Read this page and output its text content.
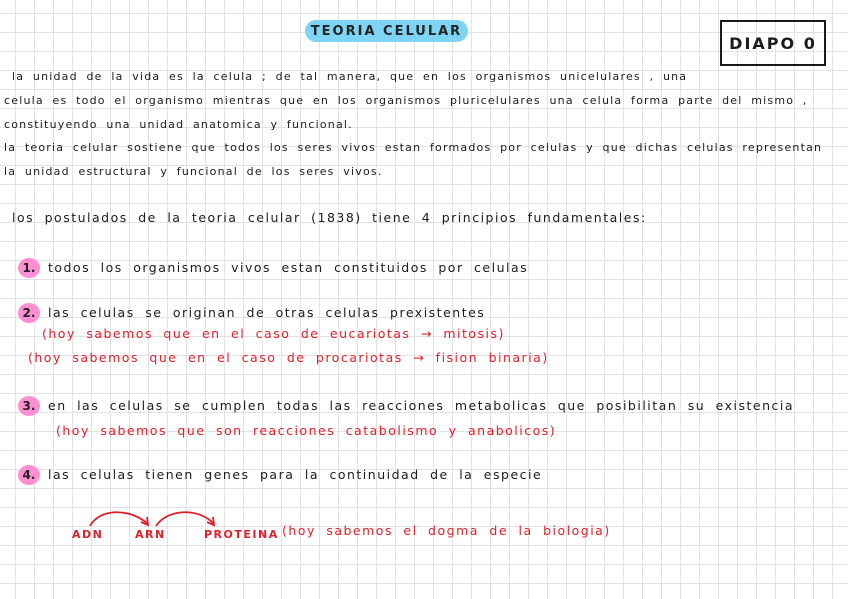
TEORIA CELULAR
DIAPO 0
la unidad de la vida es la celula ; de tal manera, que en los organismos unicelulares , una
celula es todo el organismo mientras que en los organismos pluricelulares una celula forma parte del mismo ,
constituyendo una unidad anatomica y funcional.
la teoria celular sostiene que todos los seres vivos estan formados por celulas y que dichas celulas representan
la unidad estructural y funcional de los seres vivos.
los postulados de la teoria celular (1838) tiene 4 principios fundamentales:
1.	todos los organismos vivos estan constituidos por celulas
2.	las celulas se originan de otras celulas prexistentes
(hoy sabemos que en el caso de eucariotas → mitosis)
(hoy sabemos que en el caso de procariotas → fision binaria)
3.	en las celulas se cumplen todas las reacciones metabolicas que posibilitan su existencia
(hoy sabemos que son reacciones catabolismo y anabolicos)
4.	las celulas tienen genes para la continuidad de la especie
ADN	ARN	PROTEINA (hoy sabemos el dogma de la biologia)
